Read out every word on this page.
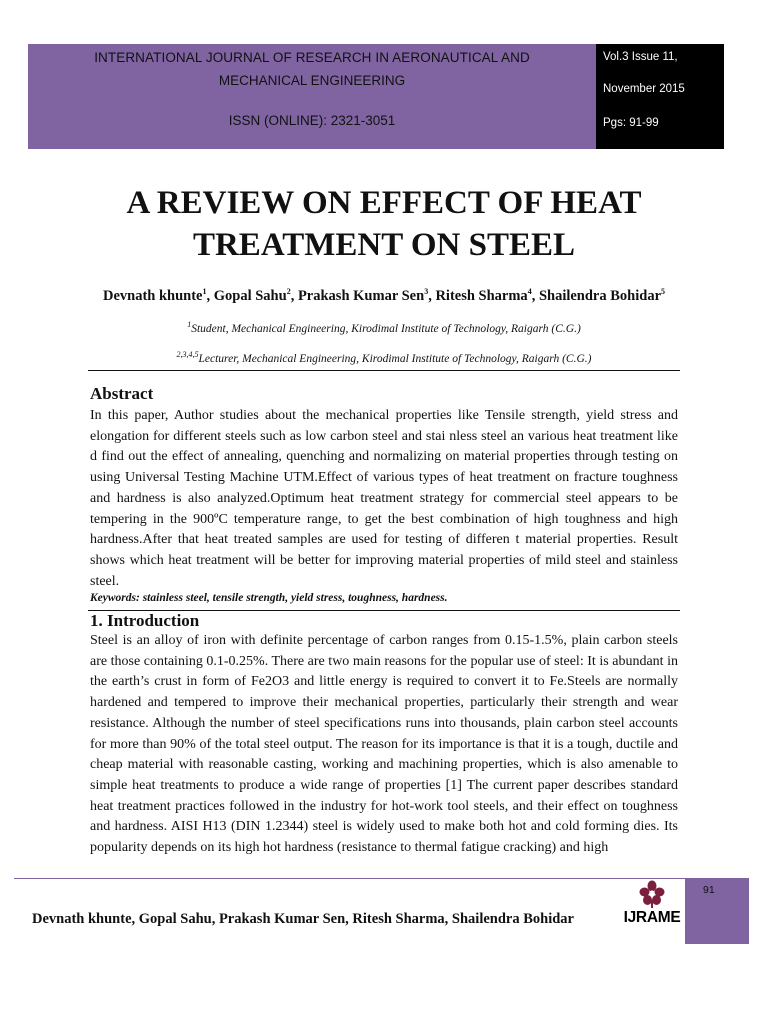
INTERNATIONAL JOURNAL OF RESEARCH IN AERONAUTICAL AND
MECHANICAL ENGINEERING
ISSN (ONLINE): 2321-3051
Vol.3 Issue 11,
November 2015
Pgs: 91-99
A REVIEW ON EFFECT OF HEAT
TREATMENT ON STEEL
Devnath khunte$^1$, Gopal Sahu$^2$, Prakash Kumar Sen$^3$, Ritesh Sharma$^4$, Shailendra Bohidar$^5$
$^1$Student, Mechanical Engineering, Kirodimal Institute of Technology, Raigarh (C.G.)
$^{2,3,4,5}$Lecturer, Mechanical Engineering, Kirodimal Institute of Technology, Raigarh (C.G.)
Abstract
In this paper, Author studies about the mechanical properties like Tensile strength, yield stress and elongation for different steels such as low carbon steel and stai nless steel an various heat treatment like d find out the effect of annealing, quenching and normalizing on material properties through testing on using Universal Testing Machine UTM.Effect of various types of heat treatment on fracture toughness and hardness is also analyzed.Optimum heat treatment strategy for commercial steel appears to be tempering in the 900ºC temperature range, to get the best combination of high toughness and high hardness.After that heat treated samples are used for testing of differen t material properties. Result shows which heat treatment will be better for improving material properties of mild steel and stainless steel.
Keywords: stainless steel, tensile strength, yield stress, toughness, hardness.
1. Introduction
Steel is an alloy of iron with definite percentage of carbon ranges from 0.15-1.5%, plain carbon steels are those containing 0.1-0.25%. There are two main reasons for the popular use of steel: It is abundant in the earth’s crust in form of Fe2O3 and little energy is required to convert it to Fe.Steels are normally hardened and tempered to improve their mechanical properties, particularly their strength and wear resistance. Although the number of steel specifications runs into thousands, plain carbon steel accounts for more than 90% of the total steel output. The reason for its importance is that it is a tough, ductile and cheap material with reasonable casting, working and machining properties, which is also amenable to simple heat treatments to produce a wide range of properties [1] The current paper describes standard heat treatment practices followed in the industry for hot-work tool steels, and their effect on toughness and hardness. AISI H13 (DIN 1.2344) steel is widely used to make both hot and cold forming dies. Its popularity depends on its high hot hardness (resistance to thermal fatigue cracking) and high
91
Devnath khunte, Gopal Sahu, Prakash Kumar Sen, Ritesh Sharma, Shailendra Bohidar	IJRAME
